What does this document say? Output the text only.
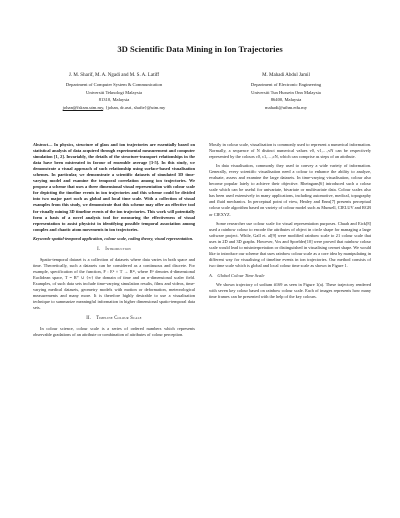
3D Scientific Data Mining in Ion Trajectories
J. M. Sharif, M. A. Ngadi and M. S. A. Latiff
Department of Computer System & Communication
Universiti Teknologi Malaysia
81310, Malaysia
johan@fsksm.utm.my, {johan, dr.asri, shafie}@utm.my
M. Mahadi Abdul Jamil
Department of Electronic Engineering
Universiti Tun Hussein Onn Malaysia
86400, Malaysia
mahadi@uthm.edu.my
Abstract— In physics, structure of glass and ion trajectories are essentially based on statistical analysis of data acquired through experimental measurement and computer simulation [1, 2]. Invariably, the details of the structure-transport relationships in the data have been mistreated in favour of ensemble average [3-5]. In this study, we demonstrate a visual approach of such relationship using surface-based visualisation schemes. In particular, we demonstrate a scientific datasets of simulated 3D time-varying model and examine the temporal correlation among ion trajectories. We propose a scheme that uses a three dimensional visual representation with colour scale for depicting the timeline events in ion trajectories and this scheme could be divided into two major part such as global and local time scale. With a collection of visual examples from this study, we demonstrate that this scheme may offer an effective tool for visually mining 3D timeline events of the ion trajectories. This work will potentially form a basis of a novel analysis tool for measuring the effectiveness of visual representation to assist physicist in identifying possible temporal association among complex and chaotic atom movements in ion trajectories.
Keywords-spatial-temporal application, colour scale, coding theory, visual representation.
I. Introduction
Spatio-temporal dataset is a collection of datasets where data varies in both space and time. Theoretically, such a datasets can be considered as a continuous and discrete. For example, specification of the function, F : Eⁿ × T → Rᵐ, where Eⁿ denotes d-dimensional Euclidean space, T = R⁺ ∪ {∞} the domain of time and an n-dimensional scaler field. Examples, of such data sets include time-varying simulation results, films and videos, time-varying medical datasets, geometry models with motion or deformation, meteorological measurements and many more. It is therefore highly desirable to use a visualisation technique to summarize meaningful information in higher dimensional spatio-temporal data sets.
II. Timeline Colour Scale
In colour science, colour scale is a series of ordered numbers which represents observable gradations of an attribute or combination of attributes of colour perception.
Mostly in colour scale, visualisation is commonly used to represent a numerical information. Normally, a sequence of N distinct numerical values v0, v1,…,vN can be respectively represented by the colours c0, c1,…,cN, which can comprise as steps of an attribute.
In data visualisation, commonly they used to convey a wide variety of information. Generally, every scientific visualisation need a colour to enhance the ability to analyze, evaluate, assess and examine the large datasets. In time-varying visualisation, colour also become popular lately to achieve their objective. Rheingans[6] introduced such a colour scale which can be useful for univariate, bivariate or multivariate data. Colour scales also has been used extensively in many applications, including automotive, medical, topography and fluid mechanics. In perceptual point of view, Healey and Enns[7] presents perceptual colour scale algorithm based on variety of colour model such as Munsell, CIELUV and RGB or CIEXYZ.
Some researcher use colour scale for visual representation purposes. Chuah and Eick[8] used a rainbow colour to encode the attributes of object in circle shape for managing a large software project. While, Gall et. al[9] were modified rainbow scale to 21 colour scale that uses in 2D and 3D graphs. However, Vos and Spoelder[10] were proved that rainbow colour scale would lead to misinterpretation or distinguished in visualising cermet shape. We would like to introduce our scheme that uses rainbow colour scale as a core idea by manipulating in different way for visualising of timeline events in ion trajectories. Our method consists of two time scale which is global and local colour time scale as shown in Figure 1.
A. Global Colour Time Scale
We shown trajectory of sodium #169 as seen in Figure 1(a). These trajectory rendered with seven key colour based on rainbow colour scale. Each of images represents how many time frames can be presented with the help of the key colours.
